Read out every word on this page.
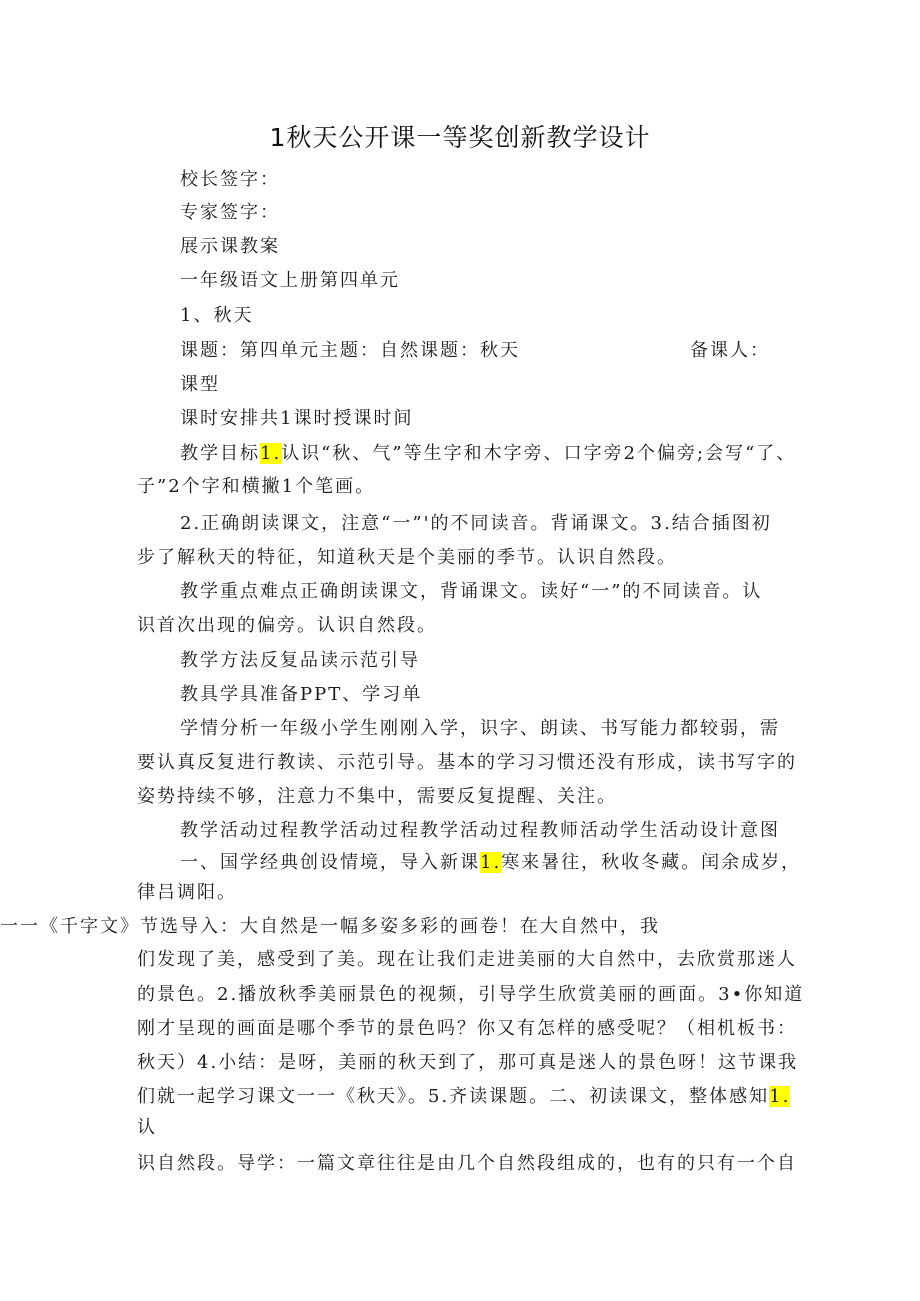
1秋天公开课一等奖创新教学设计
校长签字：
专家签字：
展示课教案
一年级语文上册第四单元
1、秋天
课题：第四单元主题：自然课题：秋天	备课人：
课型
课时安排共1课时授课时间
教学目标1.认识“秋、气”等生字和木字旁、口字旁2个偏旁;会写“了、
子”2个字和横撇1个笔画。
2.正确朗读课文，注意“一”'的不同读音。背诵课文。3.结合插图初
步了解秋天的特征，知道秋天是个美丽的季节。认识自然段。
教学重点难点正确朗读课文，背诵课文。读好“一”的不同读音。认
识首次出现的偏旁。认识自然段。
教学方法反复品读示范引导
教具学具准备PPT、学习单
学情分析一年级小学生刚刚入学，识字、朗读、书写能力都较弱，需
要认真反复进行教读、示范引导。基本的学习习惯还没有形成，读书写字的
姿势持续不够，注意力不集中，需要反复提醒、关注。
教学活动过程教学活动过程教学活动过程教师活动学生活动设计意图
一、国学经典创设情境，导入新课1.寒来暑往，秋收冬藏。闰余成岁，
律吕调阳。
一一《千字文》节选导入：大自然是一幅多姿多彩的画卷！在大自然中，我
们发现了美，感受到了美。现在让我们走进美丽的大自然中，去欣赏那迷人
的景色。2.播放秋季美丽景色的视频，引导学生欣赏美丽的画面。3•你知道
刚才呈现的画面是哪个季节的景色吗？你又有怎样的感受呢？（相机板书：
秋天）4.小结：是呀，美丽的秋天到了，那可真是迷人的景色呀！这节课我
们就一起学习课文一一《秋天》。5.齐读课题。二、初读课文，整体感知1.
认
识自然段。导学：一篇文章往往是由几个自然段组成的，也有的只有一个自
